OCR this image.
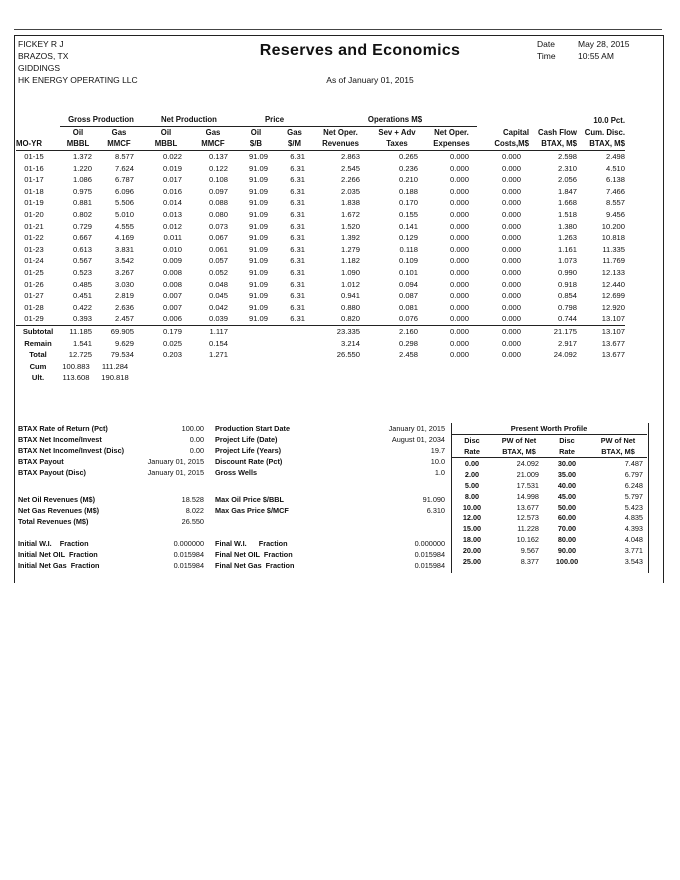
FICKEY R J
BRAZOS, TX
GIDDINGS
HK ENERGY OPERATING LLC
Reserves and Economics
As of January 01, 2015
Date	May 28, 2015
Time	10:55 AM
	Gross Production		Net Production		Price		Operations M$					10.0 Pct.
	Oil	Gas	Oil	Gas	Oil	Gas	Net Oper.	Sev + Adv	Net Oper.	Capital	Cash Flow	Cum. Disc.
MO-YR	MBBL	MMCF	MBBL	MMCF	$/B	$/M	Revenues	Taxes	Expenses	Costs,M$	BTAX, M$	BTAX, M$
01-15	1.372	8.577	0.022	0.137	91.09	6.31	2.863	0.265	0.000	0.000	2.598	2.498
01-16	1.220	7.624	0.019	0.122	91.09	6.31	2.545	0.236	0.000	0.000	2.310	4.510
01-17	1.086	6.787	0.017	0.108	91.09	6.31	2.266	0.210	0.000	0.000	2.056	6.138
01-18	0.975	6.096	0.016	0.097	91.09	6.31	2.035	0.188	0.000	0.000	1.847	7.466
01-19	0.881	5.506	0.014	0.088	91.09	6.31	1.838	0.170	0.000	0.000	1.668	8.557
01-20	0.802	5.010	0.013	0.080	91.09	6.31	1.672	0.155	0.000	0.000	1.518	9.456
01-21	0.729	4.555	0.012	0.073	91.09	6.31	1.520	0.141	0.000	0.000	1.380	10.200
01-22	0.667	4.169	0.011	0.067	91.09	6.31	1.392	0.129	0.000	0.000	1.263	10.818
01-23	0.613	3.831	0.010	0.061	91.09	6.31	1.279	0.118	0.000	0.000	1.161	11.335
01-24	0.567	3.542	0.009	0.057	91.09	6.31	1.182	0.109	0.000	0.000	1.073	11.769
01-25	0.523	3.267	0.008	0.052	91.09	6.31	1.090	0.101	0.000	0.000	0.990	12.133
01-26	0.485	3.030	0.008	0.048	91.09	6.31	1.012	0.094	0.000	0.000	0.918	12.440
01-27	0.451	2.819	0.007	0.045	91.09	6.31	0.941	0.087	0.000	0.000	0.854	12.699
01-28	0.422	2.636	0.007	0.042	91.09	6.31	0.880	0.081	0.000	0.000	0.798	12.920
01-29	0.393	2.457	0.006	0.039	91.09	6.31	0.820	0.076	0.000	0.000	0.744	13.107
Subtotal	11.185	69.905	0.179	1.117			23.335	2.160	0.000	0.000	21.175	13.107
Remain	1.541	9.629	0.025	0.154			3.214	0.298	0.000	0.000	2.917	13.677
Total	12.725	79.534	0.203	1.271			26.550	2.458	0.000	0.000	24.092	13.677
Cum	100.883	111.284										
Ult.	113.608	190.818										
BTAX Rate of Return (Pct)	100.00
BTAX Net Income/Invest	0.00
BTAX Net Income/Invest (Disc)	0.00
BTAX Payout	January 01, 2015
BTAX Payout (Disc)	January 01, 2015
Net Oil Revenues (M$)	18.528
Net Gas Revenues (M$)	8.022
Total Revenues (M$)	26.550
Initial W.I.    Fraction	0.000000
Initial Net OIL  Fraction	0.015984
Initial Net Gas  Fraction	0.015984
Production Start Date	January 01, 2015
Project Life (Date)	August 01, 2034
Project Life (Years)	19.7
Discount Rate (Pct)	10.0
Gross Wells	1.0
Max Oil Price $/BBL	91.090
Max Gas Price $/MCF	6.310
Final W.I.      Fraction	0.000000
Final Net OIL  Fraction	0.015984
Final Net Gas  Fraction	0.015984
Present Worth Profile
Disc	PW of Net	Disc	PW of Net
Rate	BTAX, M$	Rate	BTAX, M$
0.00	24.092	30.00	7.487
2.00	21.009	35.00	6.797
5.00	17.531	40.00	6.248
8.00	14.998	45.00	5.797
10.00	13.677	50.00	5.423
12.00	12.573	60.00	4.835
15.00	11.228	70.00	4.393
18.00	10.162	80.00	4.048
20.00	9.567	90.00	3.771
25.00	8.377	100.00	3.543
